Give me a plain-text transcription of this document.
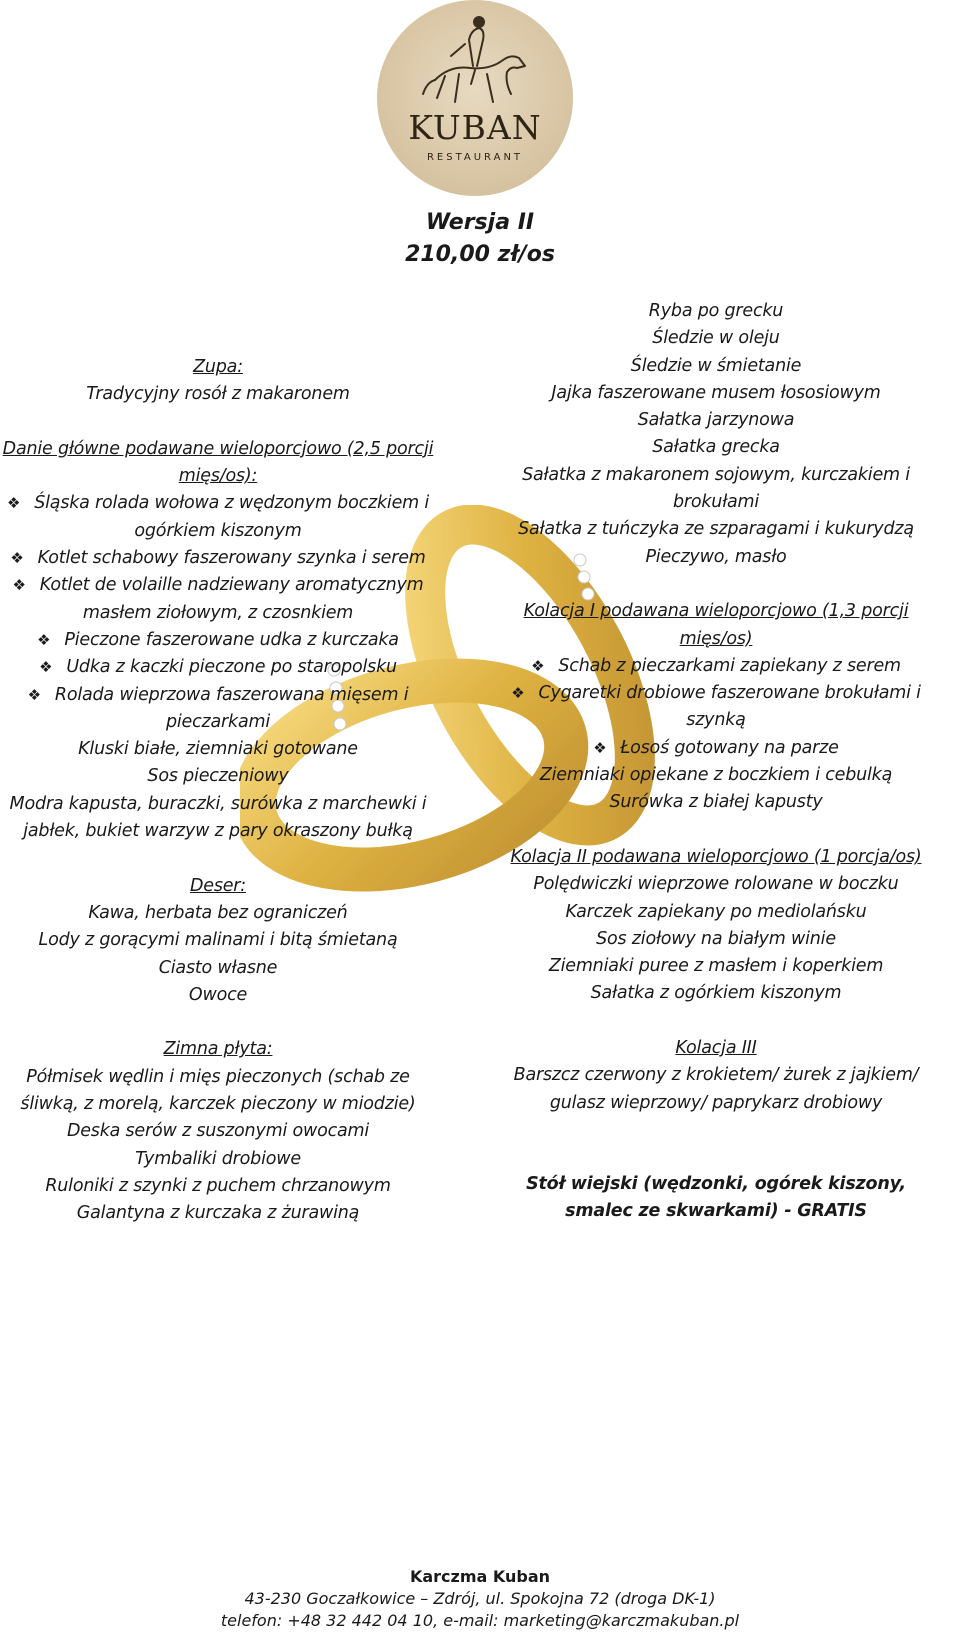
KUBAN
RESTAURANT
Wersja II
210,00 zł/os

Zupa:

Tradycyjny rosół z makaronem

Danie główne podawane wieloporcjowo (2,5 porcji mięs/os):

❖ Śląska rolada wołowa z wędzonym boczkiem i ogórkiem kiszonym

❖ Kotlet schabowy faszerowany szynka i serem

❖ Kotlet de volaille nadziewany aromatycznym masłem ziołowym, z czosnkiem

❖ Pieczone faszerowane udka z kurczaka

❖ Udka z kaczki pieczone po staropolsku

❖ Rolada wieprzowa faszerowana mięsem i pieczarkami

Kluski białe, ziemniaki gotowane

Sos pieczeniowy

Modra kapusta, buraczki, surówka z marchewki i jabłek, bukiet warzyw z pary okraszony bułką

Deser:

Kawa, herbata bez ograniczeń

Lody z gorącymi malinami i bitą śmietaną

Ciasto własne

Owoce

Zimna płyta:

Półmisek wędlin i mięs pieczonych (schab ze śliwką, z morelą, karczek pieczony w miodzie)

Deska serów z suszonymi owocami

Tymbaliki drobiowe

Ruloniki z szynki z puchem chrzanowym

Galantyna z kurczaka z żurawiną

Ryba po grecku

Śledzie w oleju

Śledzie w śmietanie

Jajka faszerowane musem łososiowym

Sałatka jarzynowa

Sałatka grecka

Sałatka z makaronem sojowym, kurczakiem i brokułami

Sałatka z tuńczyka ze szparagami i kukurydzą

Pieczywo, masło

Kolacja I podawana wieloporcjowo (1,3 porcji mięs/os)

❖ Schab z pieczarkami zapiekany z serem

❖ Cygaretki drobiowe faszerowane brokułami i szynką

❖ Łosoś gotowany na parze

Ziemniaki opiekane z boczkiem i cebulką

Surówka z białej kapusty

Kolacja II podawana wieloporcjowo (1 porcja/os)

Polędwiczki wieprzowe rolowane w boczku

Karczek zapiekany po mediolańsku

Sos ziołowy na białym winie

Ziemniaki puree z masłem i koperkiem

Sałatka z ogórkiem kiszonym

Kolacja III

Barszcz czerwony z krokietem/ żurek z jajkiem/ gulasz wieprzowy/ paprykarz drobiowy

Stół wiejski (wędzonki, ogórek kiszony, smalec ze skwarkami) - GRATIS

Karczma Kuban

43-230 Goczałkowice – Zdrój, ul. Spokojna 72 (droga DK-1)

telefon: +48 32 442 04 10, e-mail: marketing@karczmakuban.pl
